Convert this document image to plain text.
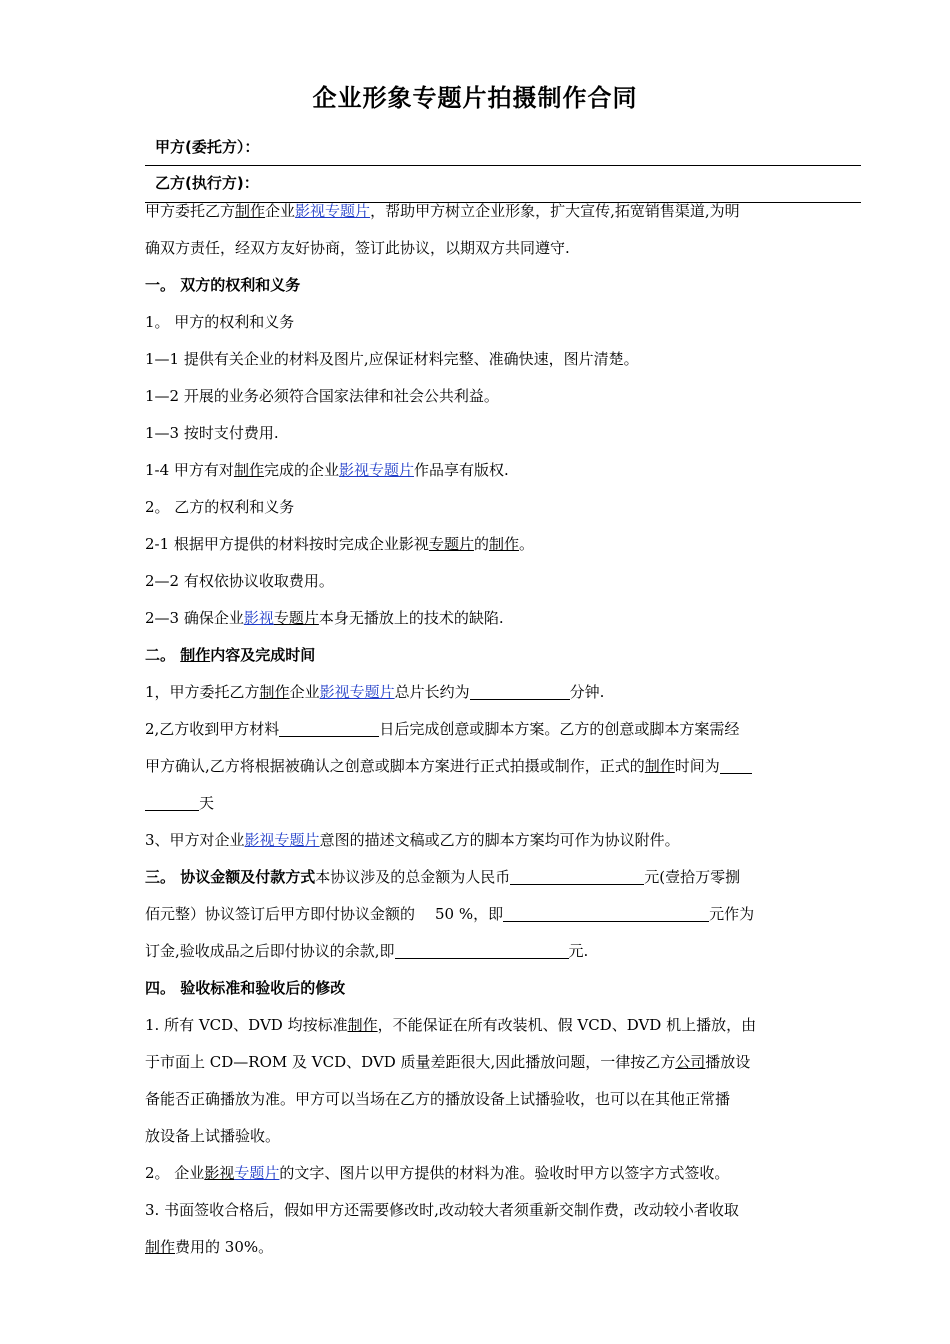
企业形象专题片拍摄制作合同
甲方(委托方）：
乙方(执行方)：
甲方委托乙方制作企业影视专题片，帮助甲方树立企业形象，扩大宣传,拓宽销售渠道,为明
确双方责任，经双方友好协商，签订此协议，以期双方共同遵守.
一。 双方的权利和义务
1。 甲方的权利和义务
1—1 提供有关企业的材料及图片,应保证材料完整、准确快速，图片清楚。
1—2 开展的业务必须符合国家法律和社会公共利益。
1—3 按时支付费用.
1-4 甲方有对制作完成的企业影视专题片作品享有版权.
2。 乙方的权利和义务
2-1 根据甲方提供的材料按时完成企业影视专题片的制作。
2—2 有权依协议收取费用。
2—3 确保企业影视专题片本身无播放上的技术的缺陷.
二。 制作内容及完成时间
1，甲方委托乙方制作企业影视专题片总片长约为	分钟.
2,乙方收到甲方材料	日后完成创意或脚本方案。乙方的创意或脚本方案需经
甲方确认,乙方将根据被确认之创意或脚本方案进行正式拍摄或制作，正式的制作时间为
天
3、甲方对企业影视专题片意图的描述文稿或乙方的脚本方案均可作为协议附件。
三。 协议金额及付款方式本协议涉及的总金额为人民币	元(壹拾万零捌
佰元整）协议签订后甲方即付协议金额的 50 %，即	元作为
订金,验收成品之后即付协议的余款,即	元.
四。 验收标准和验收后的修改
1. 所有 VCD、DVD 均按标准制作，不能保证在所有改装机、假 VCD、DVD 机上播放，由
于市面上 CD—ROM 及 VCD、DVD 质量差距很大,因此播放问题，一律按乙方公司播放设
备能否正确播放为准。甲方可以当场在乙方的播放设备上试播验收，也可以在其他正常播
放设备上试播验收。
2。 企业影视专题片的文字、图片以甲方提供的材料为准。验收时甲方以签字方式签收。
3. 书面签收合格后，假如甲方还需要修改时,改动较大者须重新交制作费，改动较小者收取
制作费用的 30%。
